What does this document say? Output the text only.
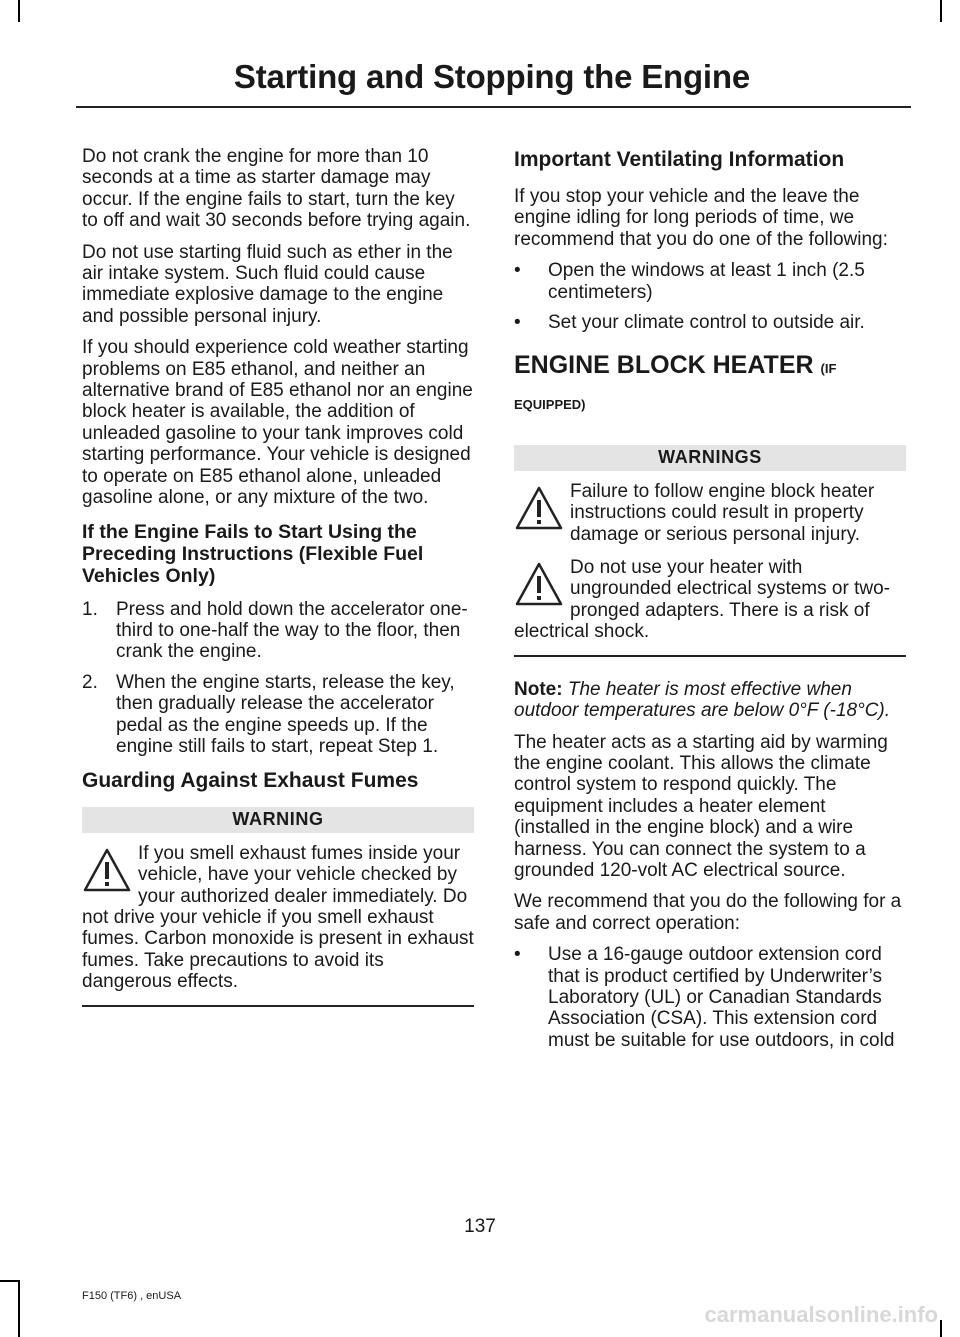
Starting and Stopping the Engine

Do not crank the engine for more than 10 seconds at a time as starter damage may occur. If the engine fails to start, turn the key to off and wait 30 seconds before trying again.

Do not use starting fluid such as ether in the air intake system. Such fluid could cause immediate explosive damage to the engine and possible personal injury.

If you should experience cold weather starting problems on E85 ethanol, and neither an alternative brand of E85 ethanol nor an engine block heater is available, the addition of unleaded gasoline to your tank improves cold starting performance. Your vehicle is designed to operate on E85 ethanol alone, unleaded gasoline alone, or any mixture of the two.

If the Engine Fails to Start Using the Preceding Instructions (Flexible Fuel Vehicles Only)
1. Press and hold down the accelerator one-third to one-half the way to the floor, then crank the engine.
2. When the engine starts, release the key, then gradually release the accelerator pedal as the engine speeds up. If the engine still fails to start, repeat Step 1.
Guarding Against Exhaust Fumes
WARNING
If you smell exhaust fumes inside your vehicle, have your vehicle checked by your authorized dealer immediately. Do not drive your vehicle if you smell exhaust fumes. Carbon monoxide is present in exhaust fumes. Take precautions to avoid its dangerous effects.
Important Ventilating Information

If you stop your vehicle and the leave the engine idling for long periods of time, we recommend that you do one of the following:

• Open the windows at least 1 inch (2.5 centimeters)
• Set your climate control to outside air.
ENGINE BLOCK HEATER (IF
EQUIPPED)
WARNINGS
Failure to follow engine block heater instructions could result in property damage or serious personal injury.
Do not use your heater with ungrounded electrical systems or two-pronged adapters. There is a risk of electrical shock.

Note: The heater is most effective when outdoor temperatures are below 0°F (-18°C).

The heater acts as a starting aid by warming the engine coolant. This allows the climate control system to respond quickly. The equipment includes a heater element (installed in the engine block) and a wire harness. You can connect the system to a grounded 120-volt AC electrical source.

We recommend that you do the following for a safe and correct operation:

• Use a 16-gauge outdoor extension cord that is product certified by Underwriter’s Laboratory (UL) or Canadian Standards Association (CSA). This extension cord must be suitable for use outdoors, in cold
137
F150 (TF6) , enUSA
carmanualsonline.info
